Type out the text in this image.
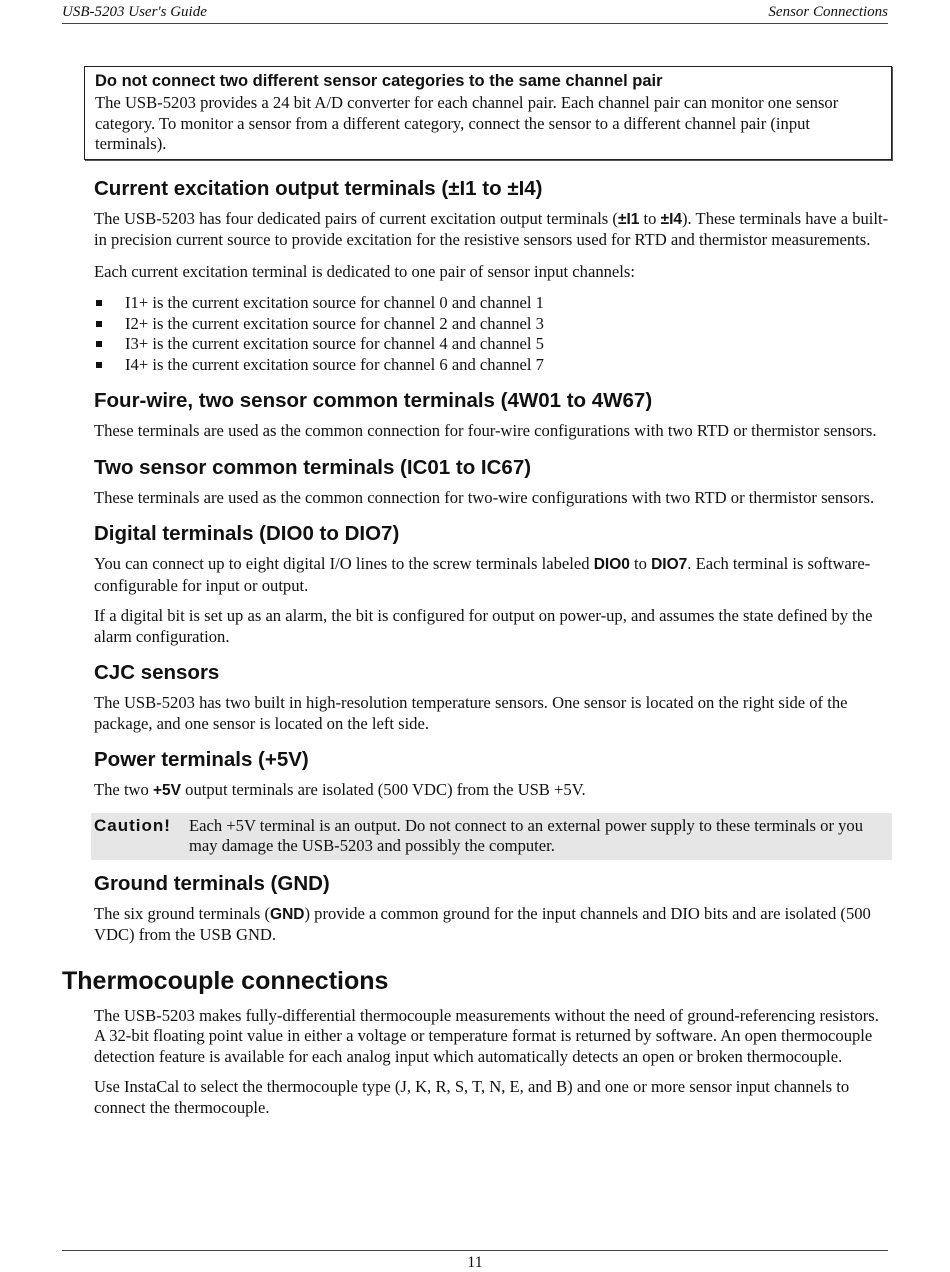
USB-5203 User's Guide	Sensor Connections
Do not connect two different sensor categories to the same channel pair

The USB-5203 provides a 24 bit A/D converter for each channel pair. Each channel pair can monitor one sensor category. To monitor a sensor from a different category, connect the sensor to a different channel pair (input terminals).

Current excitation output terminals (±I1 to ±I4)

The USB-5203 has four dedicated pairs of current excitation output terminals (±I1 to ±I4). These terminals have a built-in precision current source to provide excitation for the resistive sensors used for RTD and thermistor measurements.

Each current excitation terminal is dedicated to one pair of sensor input channels:

I1+ is the current excitation source for channel 0 and channel 1
I2+ is the current excitation source for channel 2 and channel 3
I3+ is the current excitation source for channel 4 and channel 5
I4+ is the current excitation source for channel 6 and channel 7
Four-wire, two sensor common terminals (4W01 to 4W67)

These terminals are used as the common connection for four-wire configurations with two RTD or thermistor sensors.

Two sensor common terminals (IC01 to IC67)

These terminals are used as the common connection for two-wire configurations with two RTD or thermistor sensors.

Digital terminals (DIO0 to DIO7)

You can connect up to eight digital I/O lines to the screw terminals labeled DIO0 to DIO7. Each terminal is software-configurable for input or output.

If a digital bit is set up as an alarm, the bit is configured for output on power-up, and assumes the state defined by the alarm configuration.

CJC sensors

The USB-5203 has two built in high-resolution temperature sensors. One sensor is located on the right side of the package, and one sensor is located on the left side.

Power terminals (+5V)

The two +5V output terminals are isolated (500 VDC) from the USB +5V.

Caution!	Each +5V terminal is an output. Do not connect to an external power supply to these terminals or you may damage the USB-5203 and possibly the computer.

Ground terminals (GND)

The six ground terminals (GND) provide a common ground for the input channels and DIO bits and are isolated (500 VDC) from the USB GND.

Thermocouple connections

The USB-5203 makes fully-differential thermocouple measurements without the need of ground-referencing resistors. A 32-bit floating point value in either a voltage or temperature format is returned by software. An open thermocouple detection feature is available for each analog input which automatically detects an open or broken thermocouple.

Use InstaCal to select the thermocouple type (J, K, R, S, T, N, E, and B) and one or more sensor input channels to connect the thermocouple.

11
